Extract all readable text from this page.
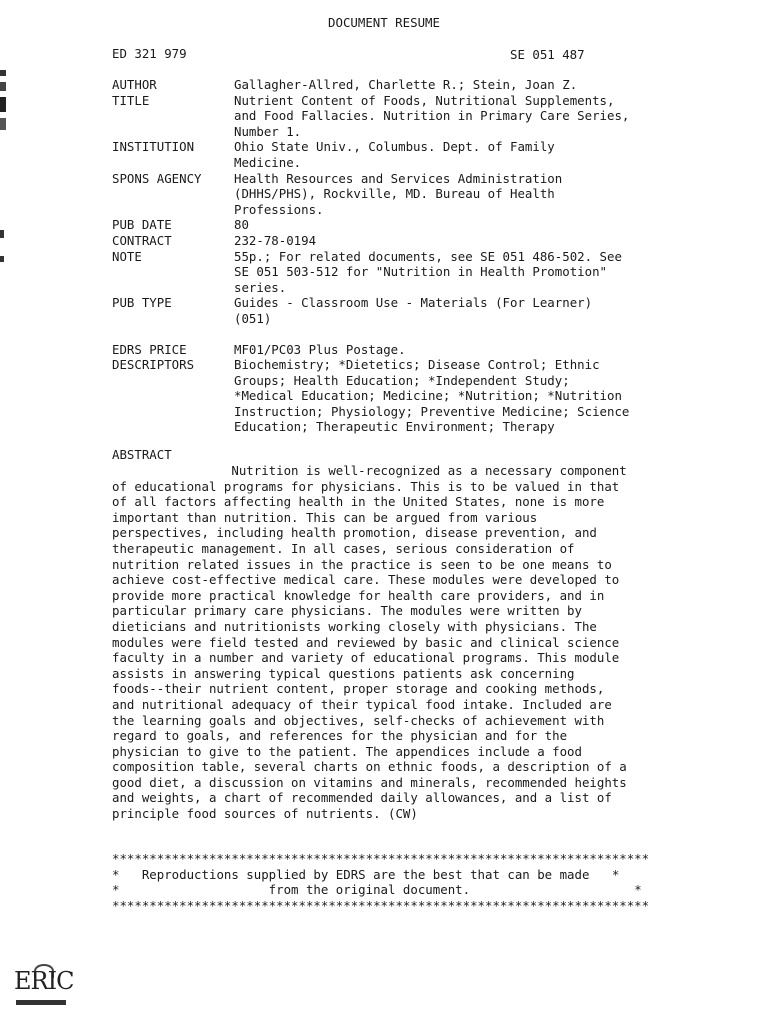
DOCUMENT RESUME
ED 321 979	SE 051 487
AUTHOR	Gallagher-Allred, Charlette R.; Stein, Joan Z.
TITLE	Nutrient Content of Foods, Nutritional Supplements,
and Food Fallacies. Nutrition in Primary Care Series,
Number 1.
INSTITUTION	Ohio State Univ., Columbus. Dept. of Family
Medicine.
SPONS AGENCY	Health Resources and Services Administration
(DHHS/PHS), Rockville, MD. Bureau of Health
Professions.
PUB DATE	80
CONTRACT	232-78-0194
NOTE	55p.; For related documents, see SE 051 486-502. See
SE 051 503-512 for "Nutrition in Health Promotion"
series.
PUB TYPE	Guides - Classroom Use - Materials (For Learner)
(051)
EDRS PRICE	MF01/PC03 Plus Postage.
DESCRIPTORS	Biochemistry; *Dietetics; Disease Control; Ethnic
Groups; Health Education; *Independent Study;
*Medical Education; Medicine; *Nutrition; *Nutrition
Instruction; Physiology; Preventive Medicine; Science
Education; Therapeutic Environment; Therapy
ABSTRACT
Nutrition is well-recognized as a necessary component
of educational programs for physicians. This is to be valued in that
of all factors affecting health in the United States, none is more
important than nutrition. This can be argued from various
perspectives, including health promotion, disease prevention, and
therapeutic management. In all cases, serious consideration of
nutrition related issues in the practice is seen to be one means to
achieve cost-effective medical care. These modules were developed to
provide more practical knowledge for health care providers, and in
particular primary care physicians. The modules were written by
dieticians and nutritionists working closely with physicians. The
modules were field tested and reviewed by basic and clinical science
faculty in a number and variety of educational programs. This module
assists in answering typical questions patients ask concerning
foods--their nutrient content, proper storage and cooking methods,
and nutritional adequacy of their typical food intake. Included are
the learning goals and objectives, self-checks of achievement with
regard to goals, and references for the physician and for the
physician to give to the patient. The appendices include a food
composition table, several charts on ethnic foods, a description of a
good diet, a discussion on vitamins and minerals, recommended heights
and weights, a chart of recommended daily allowances, and a list of
principle food sources of nutrients. (CW)
************************************************************************
*   Reproductions supplied by EDRS are the best that can be made   *
*                    from the original document.                      *
************************************************************************
ERIC
